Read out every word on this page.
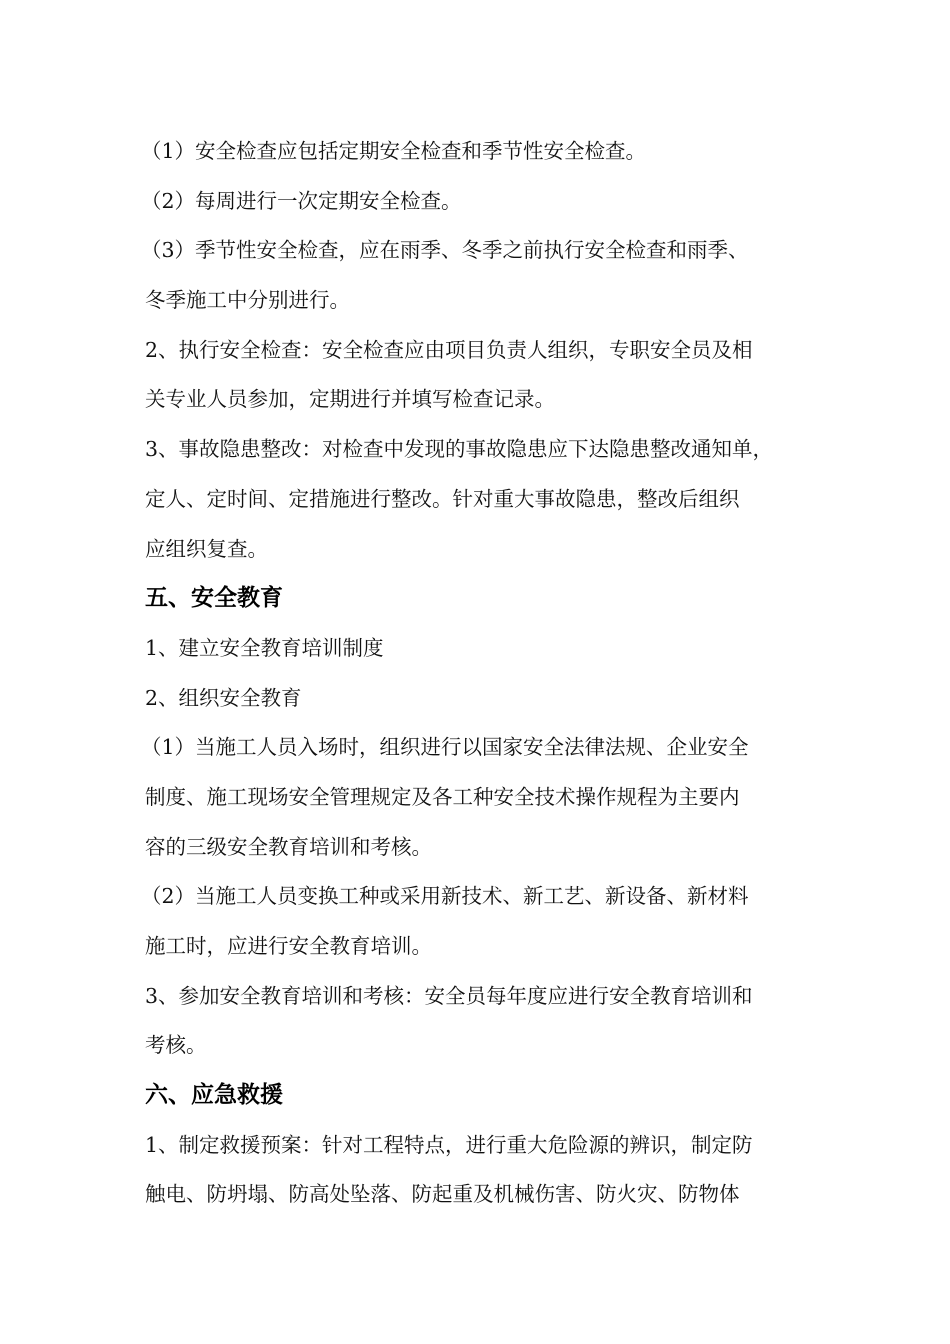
（1）安全检查应包括定期安全检查和季节性安全检查。

（2）每周进行一次定期安全检查。

（3）季节性安全检查，应在雨季、冬季之前执行安全检查和雨季、

冬季施工中分别进行。

2、执行安全检查：安全检查应由项目负责人组织，专职安全员及相

关专业人员参加，定期进行并填写检查记录。

3、事故隐患整改：对检查中发现的事故隐患应下达隐患整改通知单，

定人、定时间、定措施进行整改。针对重大事故隐患，整改后组织

应组织复查。

五、安全教育

1、建立安全教育培训制度

2、组织安全教育

（1）当施工人员入场时，组织进行以国家安全法律法规、企业安全

制度、施工现场安全管理规定及各工种安全技术操作规程为主要内

容的三级安全教育培训和考核。

（2）当施工人员变换工种或采用新技术、新工艺、新设备、新材料

施工时，应进行安全教育培训。

3、参加安全教育培训和考核：安全员每年度应进行安全教育培训和

考核。

六、应急救援

1、制定救援预案：针对工程特点，进行重大危险源的辨识，制定防

触电、防坍塌、防高处坠落、防起重及机械伤害、防火灾、防物体
